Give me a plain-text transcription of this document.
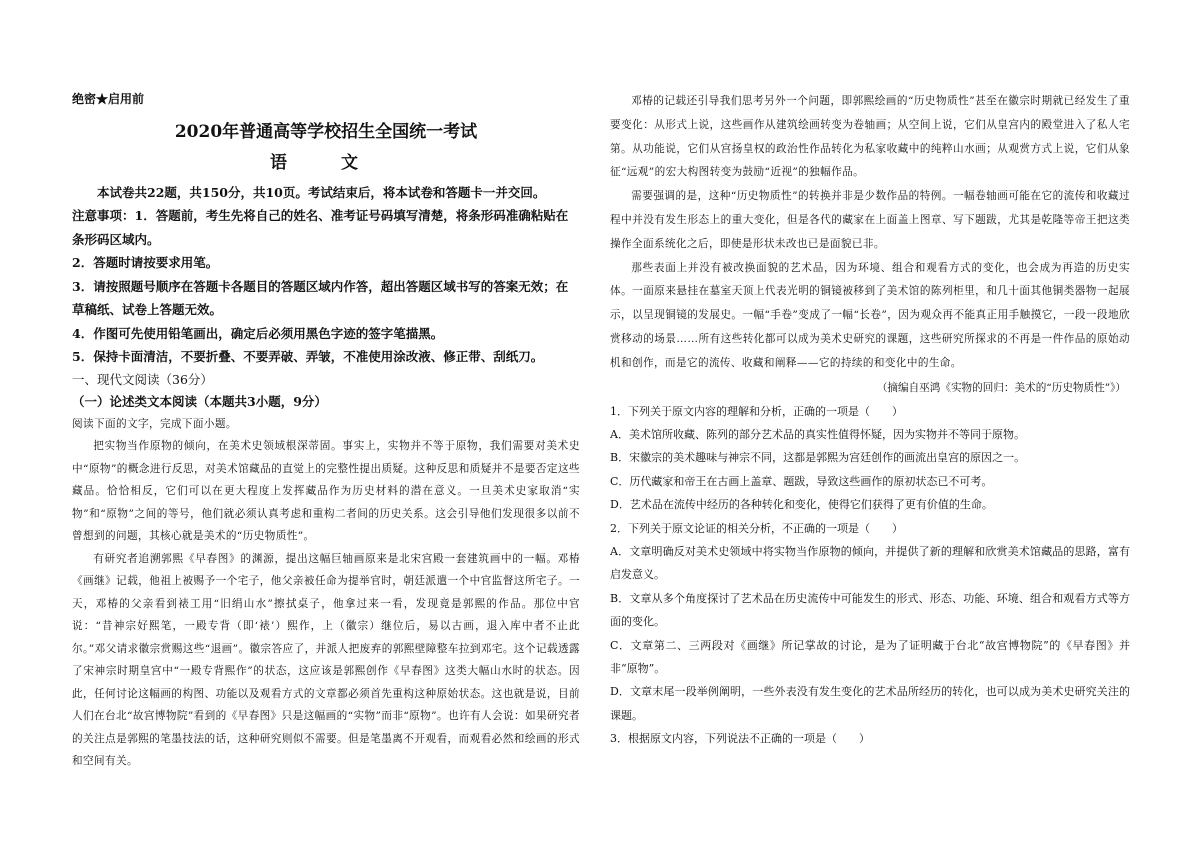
绝密★启用前

2020年普通高等学校招生全国统一考试

语 文

本试卷共22题，共150分，共10页。考试结束后，将本试卷和答题卡一并交回。

注意事项：1．答题前，考生先将自己的姓名、准考证号码填写清楚，将条形码准确粘贴在条形码区域内。

2．答题时请按要求用笔。

3．请按照题号顺序在答题卡各题目的答题区域内作答，超出答题区域书写的答案无效；在草稿纸、试卷上答题无效。

4．作图可先使用铅笔画出，确定后必须用黑色字迹的签字笔描黑。

5．保持卡面清洁，不要折叠、不要弄破、弄皱，不准使用涂改液、修正带、刮纸刀。

一、现代文阅读（36分）

（一）论述类文本阅读（本题共3小题，9分）

阅读下面的文字，完成下面小题。

把实物当作原物的倾向，在美术史领域根深蒂固。事实上，实物并不等于原物，我们需要对美术史中“原物”的概念进行反思，对美术馆藏品的直觉上的完整性提出质疑。这种反思和质疑并不是要否定这些藏品。恰恰相反，它们可以在更大程度上发挥藏品作为历史材料的潜在意义。一旦美术史家取消“实物”和“原物”之间的等号，他们就必须认真考虑和重构二者间的历史关系。这会引导他们发现很多以前不曾想到的问题，其核心就是美术的“历史物质性”。

有研究者追溯郭熙《早春图》的渊源，提出这幅巨轴画原来是北宋宫殿一套建筑画中的一幅。邓椿《画继》记载，他祖上被赐予一个宅子，他父亲被任命为提举官时，朝廷派遣一个中官监督这所宅子。一天，邓椿的父亲看到裱工用“旧绢山水”擦拭桌子，他拿过来一看，发现竟是郭熙的作品。那位中官说：“昔神宗好熙笔，一殿专背（即‘裱’）熙作，上（徽宗）继位后，易以古画，退入库中者不止此尔。”邓父请求徽宗赏赐这些“退画”。徽宗答应了，并派人把废弃的郭熙壁障整车拉到邓宅。这个记载透露了宋神宗时期皇宫中“一殿专背熙作”的状态，这应该是郭熙创作《早春图》这类大幅山水时的状态。因此，任何讨论这幅画的构图、功能以及观看方式的文章都必须首先重构这种原始状态。这也就是说，目前人们在台北“故宫博物院”看到的《早春图》只是这幅画的“实物”而非“原物”。也许有人会说：如果研究者的关注点是郭熙的笔墨技法的话，这种研究则似不需要。但是笔墨离不开观看，而观看必然和绘画的形式和空间有关。

邓椿的记载还引导我们思考另外一个问题，即郭熙绘画的“历史物质性”甚至在徽宗时期就已经发生了重要变化：从形式上说，这些画作从建筑绘画转变为卷轴画；从空间上说，它们从皇宫内的殿堂进入了私人宅第。从功能说，它们从宫扬皇权的政治性作品转化为私家收藏中的纯粹山水画；从观赏方式上说，它们从象征“远观”的宏大构图转变为鼓励“近视”的独幅作品。

需要强调的是，这种“历史物质性”的转换并非是少数作品的特例。一幅卷轴画可能在它的流传和收藏过程中并没有发生形态上的重大变化，但是各代的藏家在上面盖上图章、写下题跋，尤其是乾隆等帝王把这类操作全面系统化之后，即使是形状未改也已是面貌已非。

那些表面上并没有被改换面貌的艺术品，因为环境、组合和观看方式的变化，也会成为再造的历史实体。一面原来悬挂在墓室天顶上代表光明的铜镜被移到了美术馆的陈列柜里，和几十面其他铜类器物一起展示，以呈现铜镜的发展史。一幅“手卷”变成了一幅“长卷”，因为观众再不能真正用手触摸它，一段一段地欣赏移动的场景……所有这些转化都可以成为美术史研究的课题，这些研究所探求的不再是一件作品的原始动机和创作，而是它的流传、收藏和阐释——它的持续的和变化中的生命。

（摘编自巫鸿《实物的回归：美术的“历史物质性”》）

1．下列关于原文内容的理解和分析，正确的一项是（　　）

A．美术馆所收藏、陈列的部分艺术品的真实性值得怀疑，因为实物并不等同于原物。

B．宋徽宗的美术趣味与神宗不同，这都是郭熙为宫廷创作的画流出皇宫的原因之一。

C．历代藏家和帝王在古画上盖章、题跋，导致这些画作的原初状态已不可考。

D．艺术品在流传中经历的各种转化和变化，使得它们获得了更有价值的生命。

2．下列关于原文论证的相关分析，不正确的一项是（　　）

A．文章明确反对美术史领域中将实物当作原物的倾向，并提供了新的理解和欣赏美术馆藏品的思路，富有启发意义。

B．文章从多个角度探讨了艺术品在历史流传中可能发生的形式、形态、功能、环境、组合和观看方式等方面的变化。

C．文章第二、三两段对《画继》所记掌故的讨论，是为了证明藏于台北“故宫博物院”的《早春图》并非“原物”。

D．文章末尾一段举例阐明，一些外表没有发生变化的艺术品所经历的转化，也可以成为美术史研究关注的课题。

3．根据原文内容，下列说法不正确的一项是（　　）
